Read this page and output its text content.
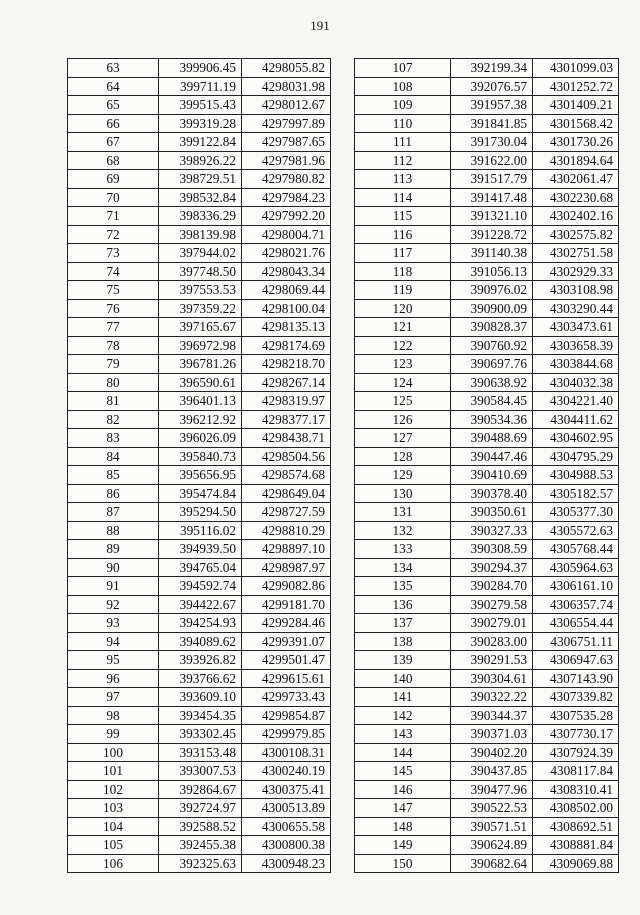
191
63	399906.45	4298055.82
64	399711.19	4298031.98
65	399515.43	4298012.67
66	399319.28	4297997.89
67	399122.84	4297987.65
68	398926.22	4297981.96
69	398729.51	4297980.82
70	398532.84	4297984.23
71	398336.29	4297992.20
72	398139.98	4298004.71
73	397944.02	4298021.76
74	397748.50	4298043.34
75	397553.53	4298069.44
76	397359.22	4298100.04
77	397165.67	4298135.13
78	396972.98	4298174.69
79	396781.26	4298218.70
80	396590.61	4298267.14
81	396401.13	4298319.97
82	396212.92	4298377.17
83	396026.09	4298438.71
84	395840.73	4298504.56
85	395656.95	4298574.68
86	395474.84	4298649.04
87	395294.50	4298727.59
88	395116.02	4298810.29
89	394939.50	4298897.10
90	394765.04	4298987.97
91	394592.74	4299082.86
92	394422.67	4299181.70
93	394254.93	4299284.46
94	394089.62	4299391.07
95	393926.82	4299501.47
96	393766.62	4299615.61
97	393609.10	4299733.43
98	393454.35	4299854.87
99	393302.45	4299979.85
100	393153.48	4300108.31
101	393007.53	4300240.19
102	392864.67	4300375.41
103	392724.97	4300513.89
104	392588.52	4300655.58
105	392455.38	4300800.38
106	392325.63	4300948.23
107	392199.34	4301099.03
108	392076.57	4301252.72
109	391957.38	4301409.21
110	391841.85	4301568.42
111	391730.04	4301730.26
112	391622.00	4301894.64
113	391517.79	4302061.47
114	391417.48	4302230.68
115	391321.10	4302402.16
116	391228.72	4302575.82
117	391140.38	4302751.58
118	391056.13	4302929.33
119	390976.02	4303108.98
120	390900.09	4303290.44
121	390828.37	4303473.61
122	390760.92	4303658.39
123	390697.76	4303844.68
124	390638.92	4304032.38
125	390584.45	4304221.40
126	390534.36	4304411.62
127	390488.69	4304602.95
128	390447.46	4304795.29
129	390410.69	4304988.53
130	390378.40	4305182.57
131	390350.61	4305377.30
132	390327.33	4305572.63
133	390308.59	4305768.44
134	390294.37	4305964.63
135	390284.70	4306161.10
136	390279.58	4306357.74
137	390279.01	4306554.44
138	390283.00	4306751.11
139	390291.53	4306947.63
140	390304.61	4307143.90
141	390322.22	4307339.82
142	390344.37	4307535.28
143	390371.03	4307730.17
144	390402.20	4307924.39
145	390437.85	4308117.84
146	390477.96	4308310.41
147	390522.53	4308502.00
148	390571.51	4308692.51
149	390624.89	4308881.84
150	390682.64	4309069.88
